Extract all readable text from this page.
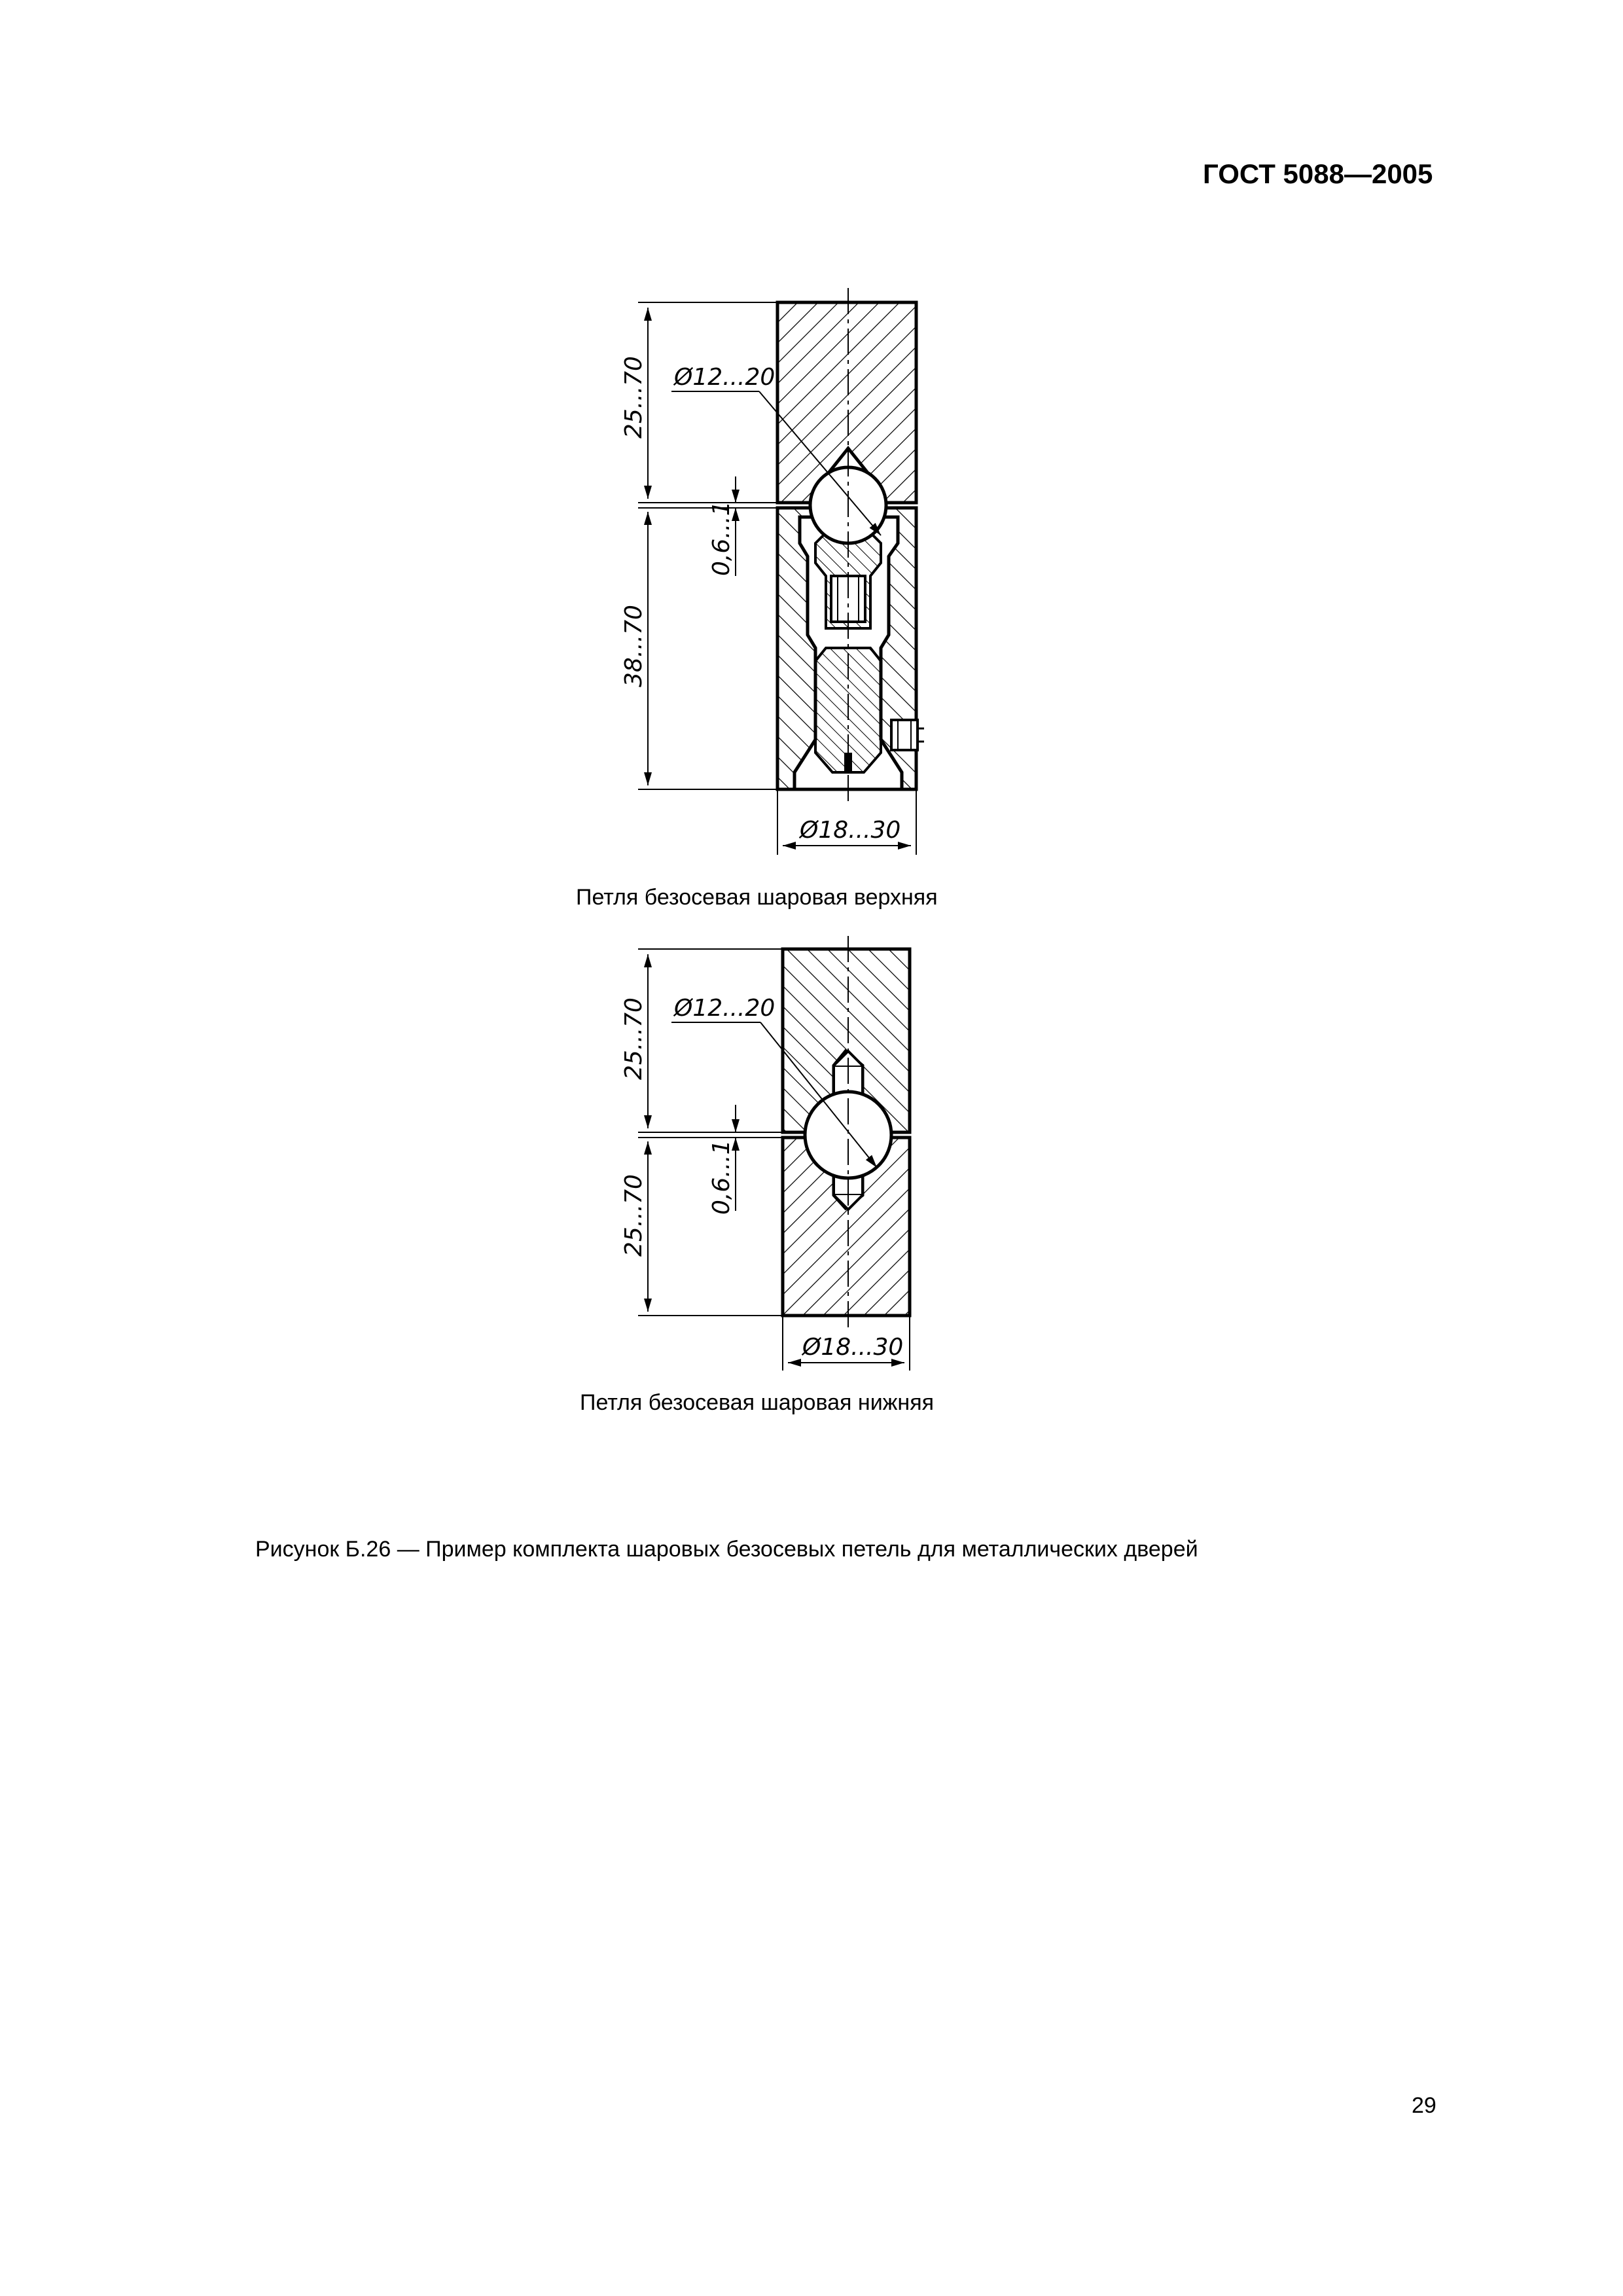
ГОСТ 5088—2005
Ø12...20
25...70
0,6...1
38...70
Ø18...30
Ø12...20
25...70
0,6...1
25...70
Ø18...30
Петля безосевая шаровая верхняя
Петля безосевая шаровая нижняя
Рисунок Б.26 — Пример комплекта шаровых безосевых петель для металлических дверей
29
